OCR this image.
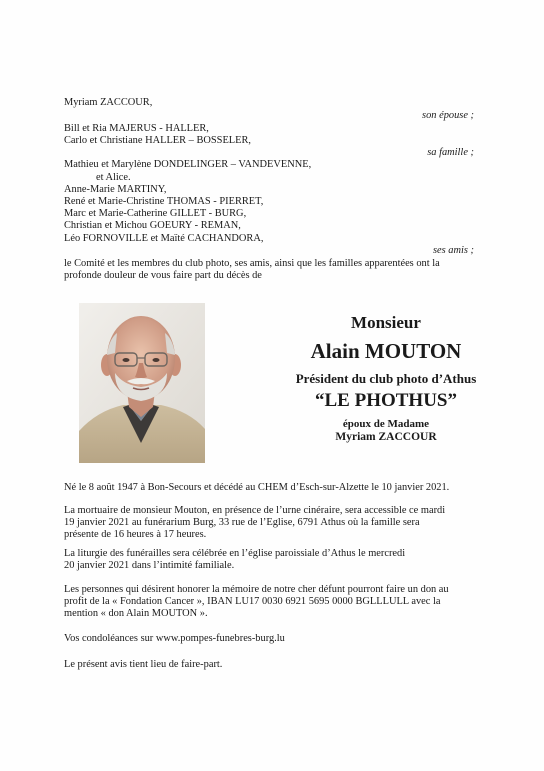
Myriam ZACCOUR,
son épouse ;
Bill et Ria MAJERUS - HALLER,
Carlo et Christiane HALLER – BOSSELER,
sa famille ;
Mathieu et Marylène DONDELINGER – VANDEVENNE,
et Alice.
Anne-Marie MARTINY,
René et Marie-Christine THOMAS - PIERRET,
Marc et Marie-Catherine GILLET - BURG,
Christian et Michou GOEURY - REMAN,
Léo FORNOVILLE et Maïté CACHANDORA,
ses amis ;
le Comité et les membres du club photo, ses amis, ainsi que les familles apparentées ont la
profonde douleur de vous faire part du décès de
Monsieur
Alain MOUTON
Président du club photo d’Athus
“LE PHOTHUS”
époux de Madame
Myriam ZACCOUR
Né le 8 août 1947 à Bon-Secours et décédé au CHEM d’Esch-sur-Alzette le 10 janvier 2021.
La mortuaire de monsieur Mouton, en présence de l’urne cinéraire, sera accessible ce mardi
19 janvier 2021 au funérarium Burg, 33 rue de l’Eglise, 6791 Athus où la famille sera
présente de 16 heures à 17 heures.
La liturgie des funérailles sera célébrée en l’église paroissiale d’Athus le mercredi
20 janvier 2021 dans l’intimité familiale.
Les personnes qui désirent honorer la mémoire de notre cher défunt pourront faire un don au
profit de la « Fondation Cancer », IBAN LU17 0030 6921 5695 0000 BGLLLULL avec la
mention « don Alain MOUTON ».
Vos condoléances sur www.pompes-funebres-burg.lu
Le présent avis tient lieu de faire-part.
